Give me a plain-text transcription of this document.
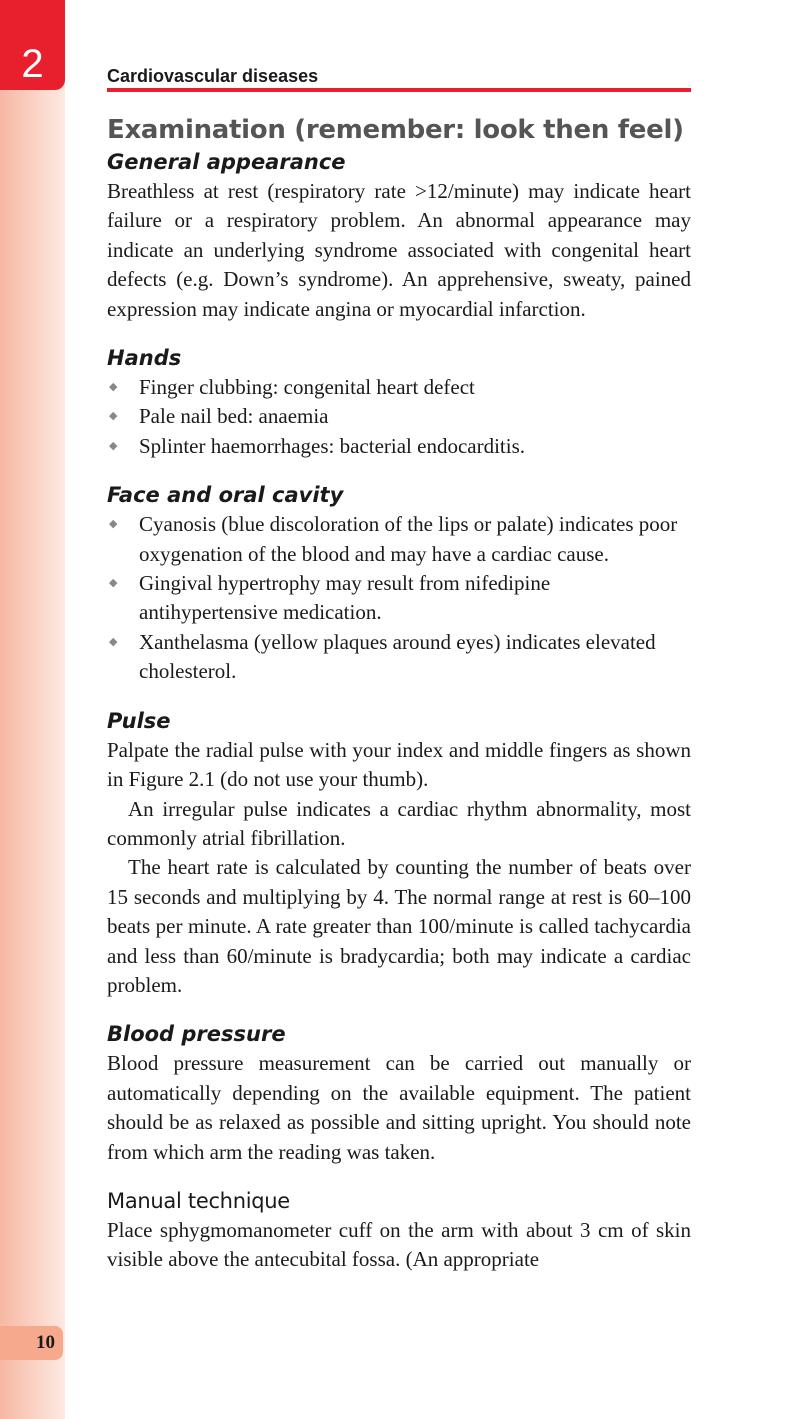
2
10
Cardiovascular diseases
Examination (remember: look then feel)
General appearance

Breathless at rest (respiratory rate >12/minute) may indicate heart failure or a respiratory problem. An abnormal appearance may indicate an underlying syndrome associated with congenital heart defects (e.g. Down’s syndrome). An apprehensive, sweaty, pained expression may indicate angina or myocardial infarction.

Hands
◆ Finger clubbing: congenital heart defect
◆ Pale nail bed: anaemia
◆ Splinter haemorrhages: bacterial endocarditis.
Face and oral cavity
◆ Cyanosis (blue discoloration of the lips or palate) indicates poor oxygenation of the blood and may have a cardiac cause.
◆ Gingival hypertrophy may result from nifedipine antihypertensive medication.
◆ Xanthelasma (yellow plaques around eyes) indicates elevated cholesterol.
Pulse

Palpate the radial pulse with your index and middle fingers as shown in Figure 2.1 (do not use your thumb).

An irregular pulse indicates a cardiac rhythm abnormality, most commonly atrial fibrillation.

The heart rate is calculated by counting the number of beats over 15 seconds and multiplying by 4. The normal range at rest is 60–100 beats per minute. A rate greater than 100/minute is called tachycardia and less than 60/minute is bradycardia; both may indicate a cardiac problem.

Blood pressure

Blood pressure measurement can be carried out manually or automatically depending on the available equipment. The patient should be as relaxed as possible and sitting upright. You should note from which arm the reading was taken.

Manual technique

Place sphygmomanometer cuff on the arm with about 3 cm of skin visible above the antecubital fossa. (An appropriate
